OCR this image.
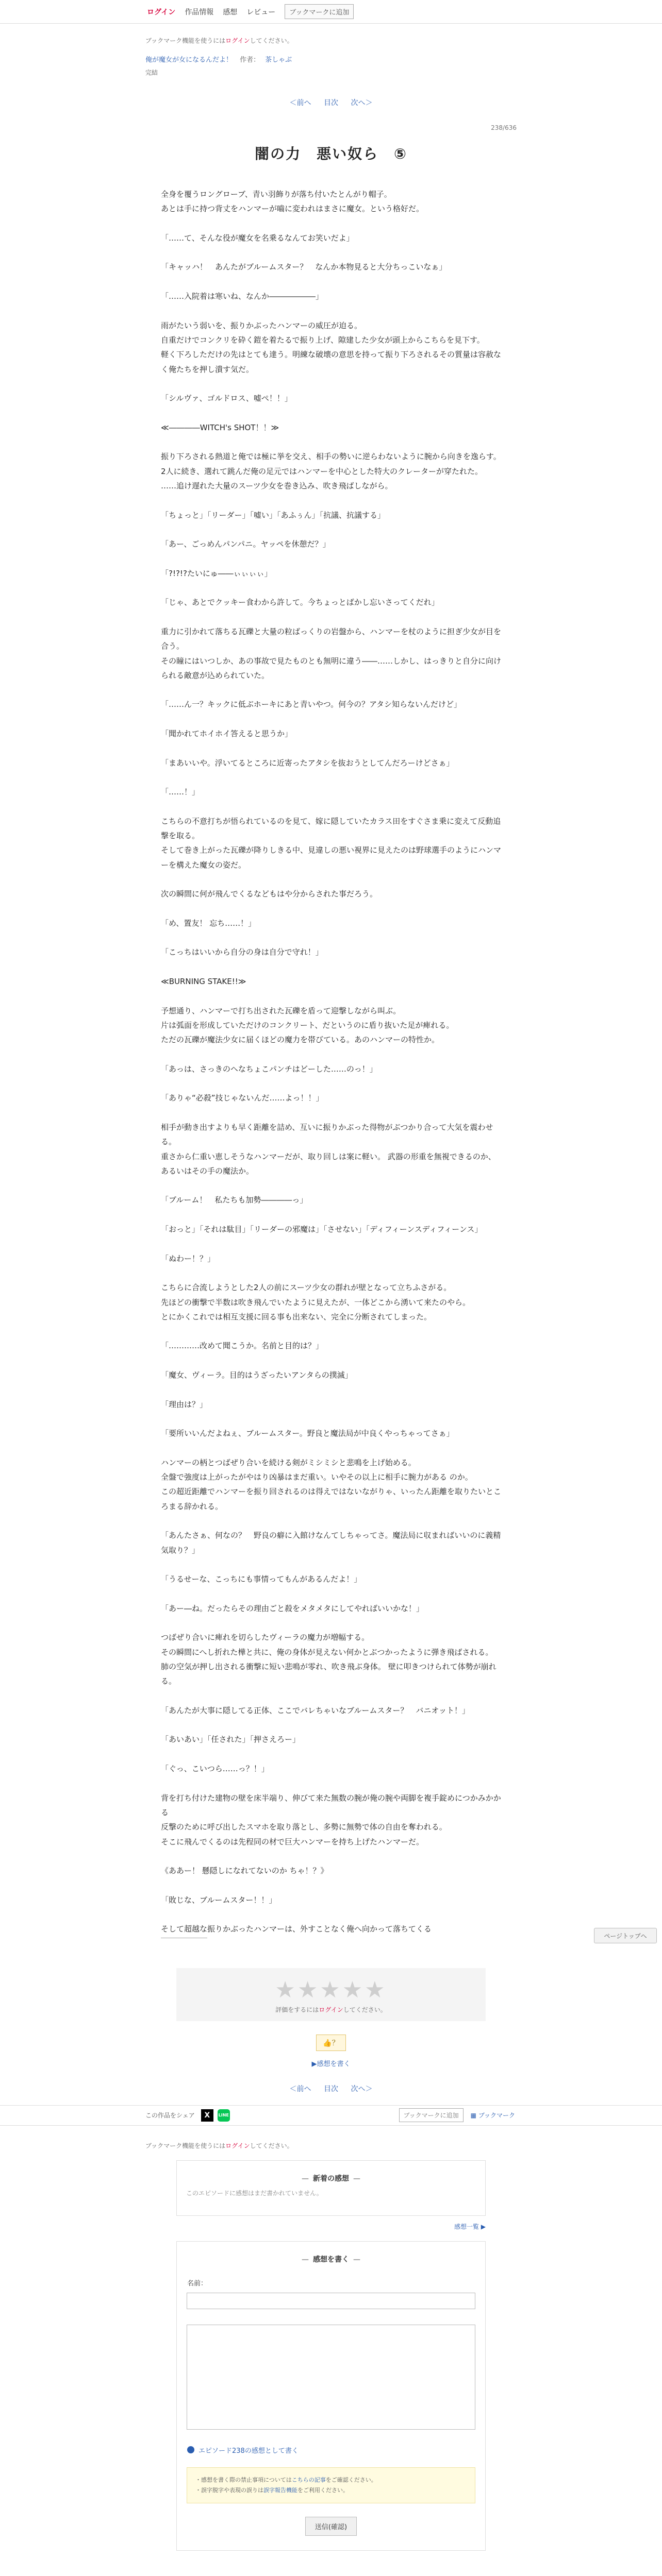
ログイン 作品情報 感想 レビュー	ブックマークに追加
ブックマーク機能を使うにはログインしてください。
俺が魔女が女になるんだよ！ 作者： 茶しゃぶ
完結
＜前へ 目次 次へ＞
238/636
闇の力　悪い奴ら　⑤

全身を覆うロングローブ、青い羽飾りが落ち付いたとんがり帽子。

あとは手に持つ背丈をハンマーが嚙に変われはまさに魔女。という格好だ。

「……て、そんな役が魔女を名乗るなんてお笑いだよ」

「キャッハ！　あんたがブルームスター？　なんか本物見ると大分ちっこいなぁ」

「……入院着は寒いね、なんか――――――」

雨がたいう弱いを、振りかぶったハンマーの威圧が迫る。

自重だけでコンクリを砕く鎧を着たるで振り上げ、隙建した少女が頭上からこちらを見下す。

軽く下ろしただけの先はとても達う。明練な破壊の意思を持って振り下ろされるその質量は容赦なく俺たちを押し潰す気だ。

「シルヴァ、ゴルドロス、嘘ぺ！！」

≪――――WITCH's SHOT！！≫

振り下ろされる熱道と俺では極に挙を交え、相手の勢いに逆らわないように腕から向きを逸らす。

2人に続き、選れて跳んだ俺の足元ではハンマーを中心とした特大のクレーターが穿たれた。

……追け遅れた大量のスーツ少女を巻き込み、吹き飛ばしながら。

「ちょっと」「リーダー」「嘘い」「あふぅん」「抗議、抗議する」

「あー、ごっめんパンパニ。ヤッペを休憩だ？」

「?!?!?たいにゅ――ぃぃぃぃ」

「じゃ、あとでクッキー食わから許して。今ちょっとばかし忘いさってくだれ」

重力に引かれて落ちる瓦礫と大量の粒ばっくりの岩盤から、ハンマーを杖のように担ぎ少女が目を合う。

その瞳にはいつしか、あの事故で見たものとも無明に違う――……しかし、はっきりと自分に向けられる敵意が込められていた。

「……ん一？キックに低ぶホーキにあと青いやつ。何今の？アタシ知らないんだけど」

「聞かれてホイホイ答えると思うか」

「まあいいや。浮いてるところに近寄ったアタシを抜おうとしてんだろーけどさぁ」

「……！」

こちらの不意打ちが悟られているのを見て、嫁に隠していたカラス田をすぐさま乗に変えて反動追撃を取る。

そして巻き上がった瓦礫が降りしきる中、見違しの悪い視界に見えたのは野球選手のようにハンマーを構えた魔女の姿だ。

次の瞬間に何が飛んでくるなどもはや分からされた事だろう。

「め、置友！ 忘ち……！」

「こっちはいいから自分の身は自分で守れ！」

≪BURNING STAKE!!≫

予想通り、ハンマーで打ち出された瓦礫を盾って迎撃しながら叫ぶ。

片は弧面を形成していただけのコンクリート、だというのに盾り抜いた足が痺れる。

ただの瓦礫が魔法少女に届くほどの魔力を帯びている。あのハンマーの特性か。

「あっは、さっきのヘなちょこパンチはどーした……のっ！」

「ありゃ“必殺”技じゃないんだ……よっ！！」

相手が動き出すよりも早く距離を詰め、互いに振りかぶった得物がぶつかり合って大気を震わせる。

重さから仁重い恵しそうなハンマーだが、取り回しは案に軽い。 武器の形重を無視できるのか、あるいはその手の魔法か。

「ブルーム！　私たちも加勢――――っ」

「おっと」「それは駄目」「リーダーの邪魔は」「させない」「ディフィーンスディフィーンス」

「ぬわー！？」

こちらに合流しようとした2人の前にスーツ少女の群れが壁となって立ちふさがる。

先ほどの衝撃で半数は吹き飛んでいたように見えたが、一体どこから湧いて来たのやら。

とにかくこれでは相互支援に回る事も出来ない、完全に分断されてしまった。

「…………改めて聞こうか。名前と目的は？」

「魔女、ヴィーラ。目的はうざったいアンタらの撲滅」

「理由は？」

「要所いいんだよねぇ、ブルームスター。野良と魔法局が中良くやっちゃってさぁ」

ハンマーの柄とつばぜり合いを続ける剣がミシミシと悲鳴を上げ始める。

全盤で強度は上がったがやはり凶暴はまだ重い。いやその以上に相手に腕力がある のか。

この超近距離でハンマーを振り回されるのは得えではないながりゃ、いったん距離を取りたいところまる辞かれる。

「あんたさぁ、何なの？　野良の癖に入館けなんてしちゃってさ。魔法局に収まればいいのに義精気取り？」

「うるせーな、こっちにも事情ってもんがあるんだよ！」

「あー―ね。だったらその理由ごと殺をメタメタにしてやればいいかな！」

つばぜり合いに痺れを切らしたヴィーラの魔力が増幅する。

その瞬間にへし折れた樺と共に、俺の身体が見えない何かとぶつかったように弾き飛ばされる。

肺の空気が押し出される衝撃に短い悲鳴が零れ、吹き飛ぶ身体。 壁に叩きつけられて体勢が崩れる。

「あんたが大事に隠してる正体、ここでバレちゃいなブルームスター？　バニオット！」

「あいあい」「任された」「押さえろー」

「ぐっ、こいつら……っ？！」

背を打ち付けた建物の壁を床半端り、伸びて来た無数の腕が俺の腕や両脚を複手錠めにつかみかかる

反撃のために呼び出したスマホを取り落とし、多勢に無勢で体の自由を奪われる。

そこに飛んでくるのは先程同の材で巨大ハンマーを持ち上げたハンマーだ。

《ああー！ 懸隠しになれてないのか ちゃ！？》

「敗じな、ブルームスター！！」

そして超越な振りかぶったハンマーは、外すことなく俺へ向かって落ちてくる

★★★★★
評価をするにはログインしてください。
👍？
▶感想を書く
＜前へ 目次 次へ＞
この作品をシェア	X	LINE	ブックマークに追加	▦ ブックマーク
ブックマーク機能を使うにはログインしてください。
— 新着の感想 —
このエピソードに感想はまだ書かれていません。
感想一覧 ▶
— 感想を書く —
名前：
エピソード238の感想として書く
・感想を書く際の禁止事項についてはこちらの記事をご確認ください。
・誤字脱字や表現の誤りは誤字報告機能をご利用ください。
送信(確認)
ページトップへ
